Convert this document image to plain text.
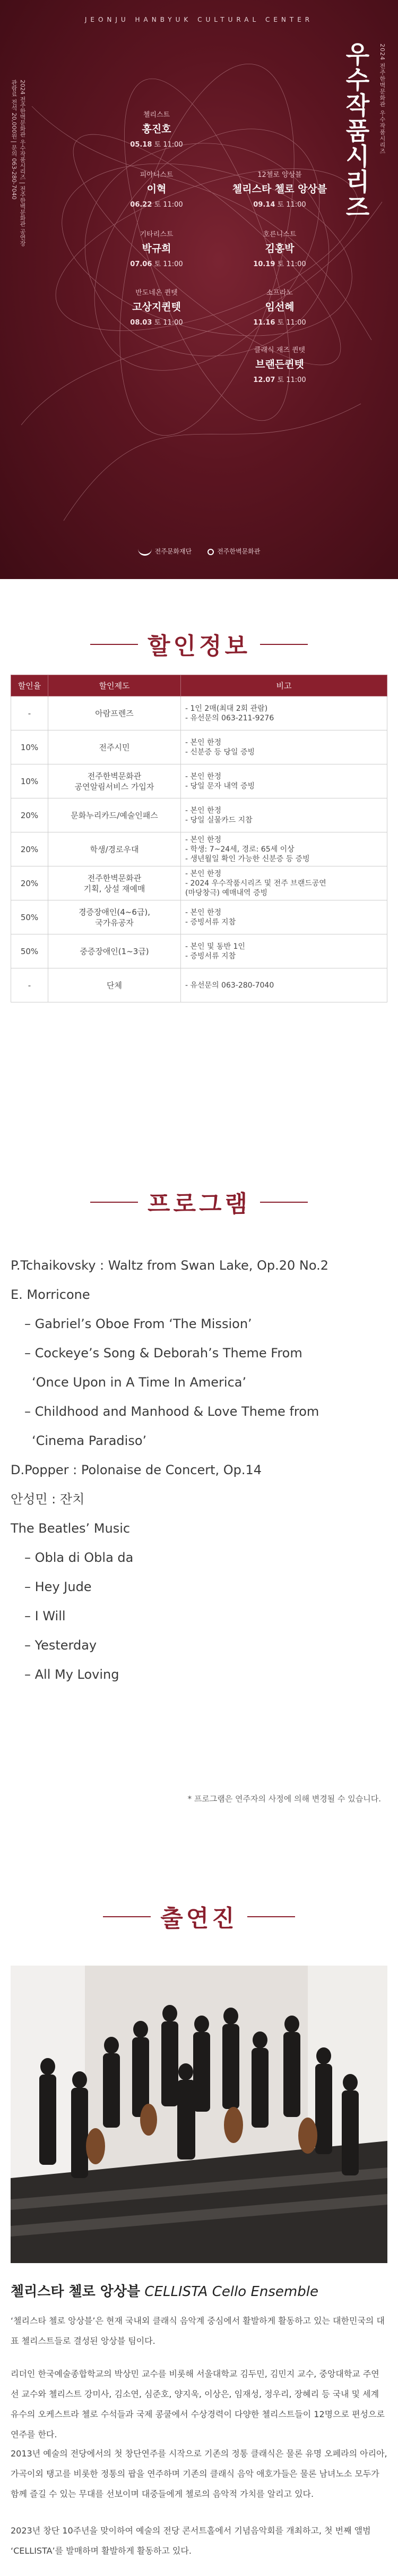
JEONJU HANBYUK CULTURAL CENTER
우수작품시리즈	2024 전주한벽문화관 우수작품시리즈
2024 전주한벽문화관 우수작품시리즈 | 전주한벽문화관 공연장
관람료 전석 20,000원 | 문의 063-280-7040	첼리스트
홍진호
05.18 토 11:00
피아니스트
이혁
06.22 토 11:00
12첼로 앙상블
첼리스타 첼로 앙상블
09.14 토 11:00
기타리스트
박규희
07.06 토 11:00
호른니스트
김홍박
10.19 토 11:00
반도네온 퀸텟
고상지퀸텟
08.03 토 11:00
소프라노
임선혜
11.16 토 11:00
클래식 재즈 퀸텟
브랜든퀸텟
12.07 토 11:00
전주문화재단	전주한벽문화관
할인정보
할인율	할인제도	비고
-	아람프렌즈	- 1인 2매(최대 2회 관람)
- 유선문의 063-211-9276
10%	전주시민	- 본인 한정
- 신분증 등 당일 증빙
10%	전주한벽문화관
공연알림서비스 가입자	- 본인 한정
- 당일 문자 내역 증빙
20%	문화누리카드/예술인패스	- 본인 한정
- 당일 실물카드 지참
20%	학생/경로우대	- 본인 한정
- 학생: 7~24세, 경로: 65세 이상
- 생년월일 확인 가능한 신분증 등 증빙
20%	전주한벽문화관
기획, 상설 재예매	- 본인 한정
- 2024 우수작품시리즈 및 전주 브랜드공연
(마당창극) 예매내역 증빙
50%	경증장애인(4~6급),
국가유공자	- 본인 한정
- 증빙서류 지참
50%	중증장애인(1~3급)	- 본인 및 동반 1인
- 증빙서류 지참
-	단체	- 유선문의 063-280-7040
프로그램
P.Tchaikovsky : Waltz from Swan Lake, Op.20 No.2
E. Morricone
– Gabriel’s Oboe From ‘The Mission’
– Cockeye’s Song & Deborah’s Theme From
‘Once Upon in A Time In America’
– Childhood and Manhood & Love Theme from
‘Cinema Paradiso’
D.Popper : Polonaise de Concert, Op.14
안성민 : 잔치
The Beatles’ Music
– Obla di Obla da
– Hey Jude
– I Will
– Yesterday
– All My Loving
* 프로그램은 연주자의 사정에 의해 변경될 수 있습니다.
출연진
첼리스타 첼로 앙상블 CELLISTA Cello Ensemble

‘첼리스타 첼로 앙상블’은 현재 국내외 클래식 음악계 중심에서 활발하게 활동하고 있는 대한민국의 대표 첼리스트들로 결성된 앙상블 팀이다.

리더인 한국예술종합학교의 박상민 교수를 비롯해 서울대학교 김두민, 김민지 교수, 중앙대학교 주연선 교수와 첼리스트 강미사, 김소연, 심준호, 양지욱, 이상은, 임재성, 정우리, 장혜리 등 국내 및 세계 유수의 오케스트라 첼로 수석들과 국제 콩쿨에서 수상경력이 다양한 첼리스트들이 12명으로 편성으로 연주를 한다.

2013년 예술의 전당에서의 첫 창단연주를 시작으로 기존의 정통 클래식은 물론 유명 오페라의 아리아, 가곡이외 탱고를 비롯한 정통의 팝을 연주하며 기존의 클래식 음악 애호가들은 물론 남녀노소 모두가 함께 즐길 수 있는 무대를 선보이며 대중들에게 첼로의 음악적 가치를 알리고 있다.

2023년 창단 10주년을 맞이하여 예술의 전당 콘서트홀에서 기념음악회를 개최하고, 첫 번째 앨범 ‘CELLISTA’를 발매하며 활발하게 활동하고 있다.
